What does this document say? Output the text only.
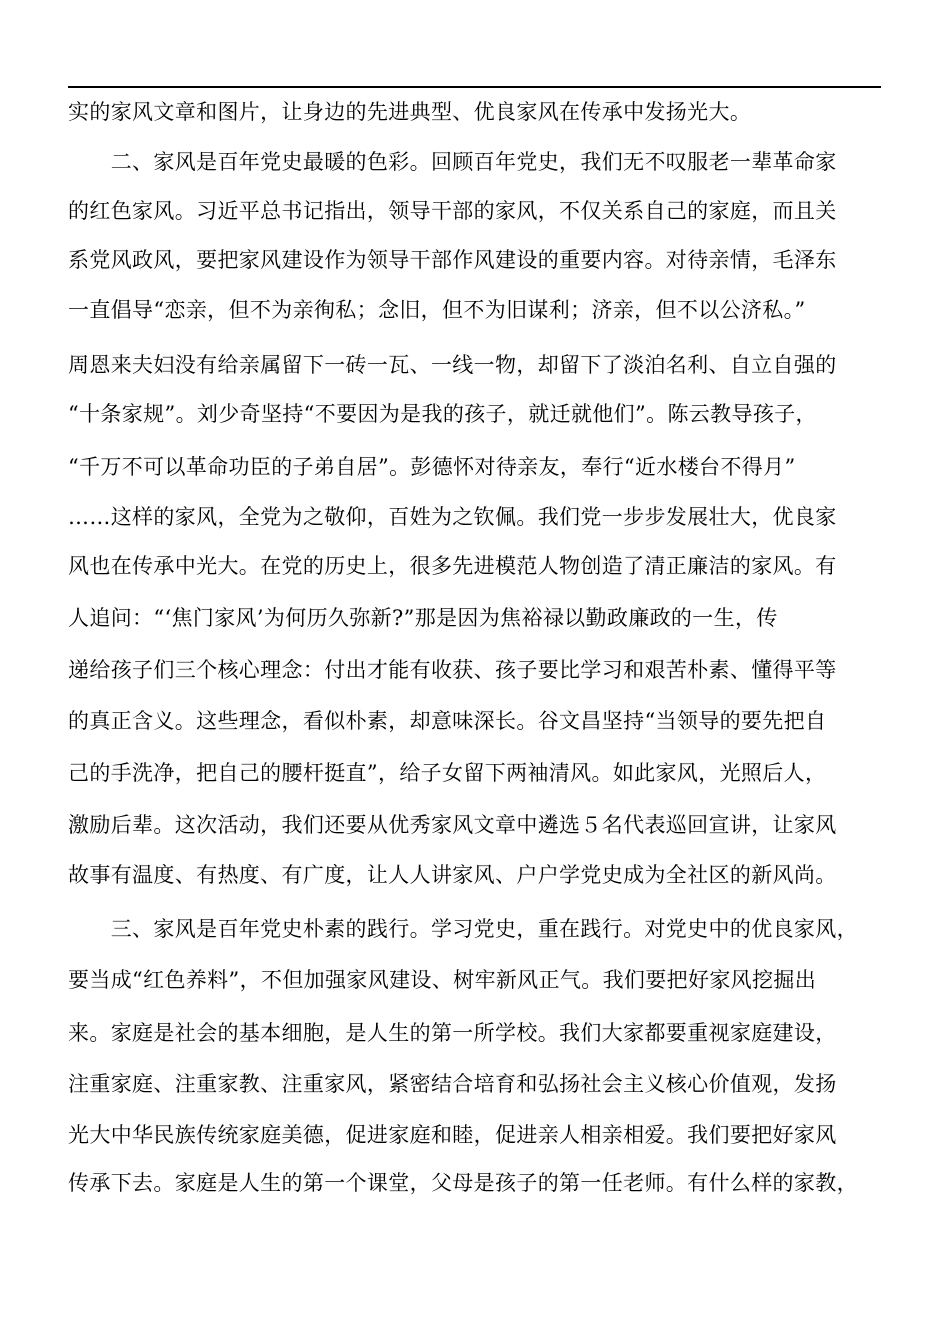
实的家风文章和图片，让身边的先进典型、优良家风在传承中发扬光大。
　　二、家风是百年党史最暖的色彩。回顾百年党史，我们无不叹服老一辈革命家
的红色家风。习近平总书记指出，领导干部的家风，不仅关系自己的家庭，而且关
系党风政风，要把家风建设作为领导干部作风建设的重要内容。对待亲情，毛泽东
一直倡导“恋亲，但不为亲徇私；念旧，但不为旧谋利；济亲，但不以公济私。”
周恩来夫妇没有给亲属留下一砖一瓦、一线一物，却留下了淡泊名利、自立自强的
“十条家规”。刘少奇坚持“不要因为是我的孩子，就迁就他们”。陈云教导孩子，
“千万不可以革命功臣的子弟自居”。彭德怀对待亲友，奉行“近水楼台不得月”
……这样的家风，全党为之敬仰，百姓为之钦佩。我们党一步步发展壮大，优良家
风也在传承中光大。在党的历史上，很多先进模范人物创造了清正廉洁的家风。有
人追问：“‘焦门家风’为何历久弥新?”那是因为焦裕禄以勤政廉政的一生，传
递给孩子们三个核心理念：付出才能有收获、孩子要比学习和艰苦朴素、懂得平等
的真正含义。这些理念，看似朴素，却意味深长。谷文昌坚持“当领导的要先把自
己的手洗净，把自己的腰杆挺直”，给子女留下两袖清风。如此家风，光照后人，
激励后辈。这次活动，我们还要从优秀家风文章中遴选５名代表巡回宣讲，让家风
故事有温度、有热度、有广度，让人人讲家风、户户学党史成为全社区的新风尚。
　　三、家风是百年党史朴素的践行。学习党史，重在践行。对党史中的优良家风，
要当成“红色养料”，不但加强家风建设、树牢新风正气。我们要把好家风挖掘出
来。家庭是社会的基本细胞，是人生的第一所学校。我们大家都要重视家庭建设，
注重家庭、注重家教、注重家风，紧密结合培育和弘扬社会主义核心价值观，发扬
光大中华民族传统家庭美德，促进家庭和睦，促进亲人相亲相爱。我们要把好家风
传承下去。家庭是人生的第一个课堂，父母是孩子的第一任老师。有什么样的家教，
